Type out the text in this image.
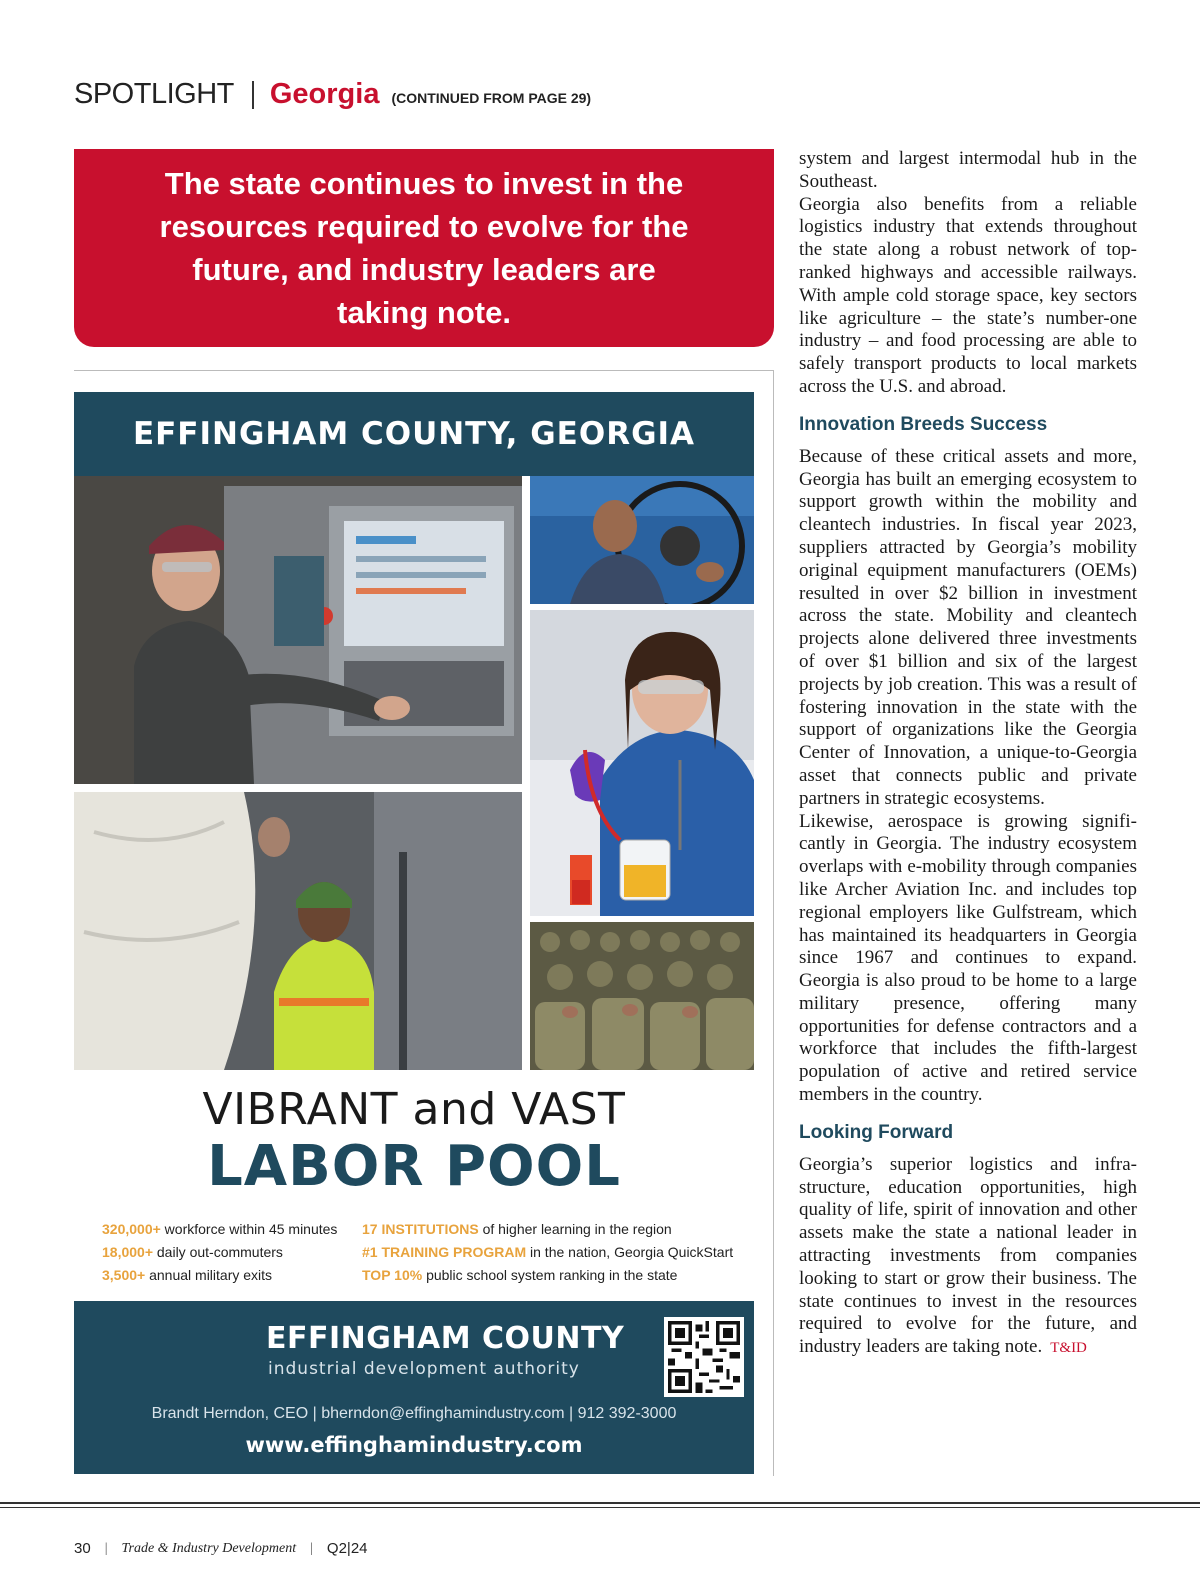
SPOTLIGHT Georgia (CONTINUED FROM PAGE 29)

The state continues to invest in the resources required to evolve for the future, and industry leaders are taking note.

EFFINGHAM COUNTY, GEORGIA
VIBRANT and VAST
LABOR POOL
320,000+ workforce within 45 minutes
18,000+ daily out-commuters
3,500+ annual military exits
17 INSTITUTIONS of higher learning in the region
#1 TRAINING PROGRAM in the nation, Georgia QuickStart
TOP 10% public school system ranking in the state
EFFINGHAM COUNTY
industrial development authority
Brandt Herndon, CEO | bherndon@effinghamindustry.com | 912 392-3000
www.effinghamindustry.com

system and largest intermodal hub in the Southeast.

Georgia also benefits from a reliable logistics industry that extends throughout the state along a robust network of top-ranked highways and accessible railways. With ample cold storage space, key sectors like agriculture – the state’s number-one industry – and food processing are able to safely transport products to local markets across the U.S. and abroad.

Innovation Breeds Success

Because of these critical assets and more, Georgia has built an emerging ecosystem to support growth within the mobility and cleantech industries. In fiscal year 2023, suppliers attracted by Georgia’s mobility original equipment manufacturers (OEMs) resulted in over $2 billion in investment across the state. Mobility and cleantech projects alone delivered three investments of over $1 billion and six of the largest projects by job creation. This was a result of fostering innovation in the state with the support of organizations like the Georgia Center of Innovation, a unique-to-Georgia asset that connects public and private partners in strategic ecosystems.

Likewise, aerospace is growing significantly in Georgia. The industry ecosystem overlaps with e-mobility through companies like Archer Aviation Inc. and includes top regional employers like Gulfstream, which has maintained its headquarters in Georgia since 1967 and continues to expand. Georgia is also proud to be home to a large military presence, offering many opportunities for defense contractors and a workforce that includes the fifth-largest population of active and retired service members in the country.

Looking Forward

Georgia’s superior logistics and infrastructure, education opportunities, high quality of life, spirit of innovation and other assets make the state a national leader in attracting investments from companies looking to start or grow their business. The state continues to invest in the resources required to evolve for the future, and industry leaders are taking note. T&ID

30 | Trade & Industry Development | Q2|24
